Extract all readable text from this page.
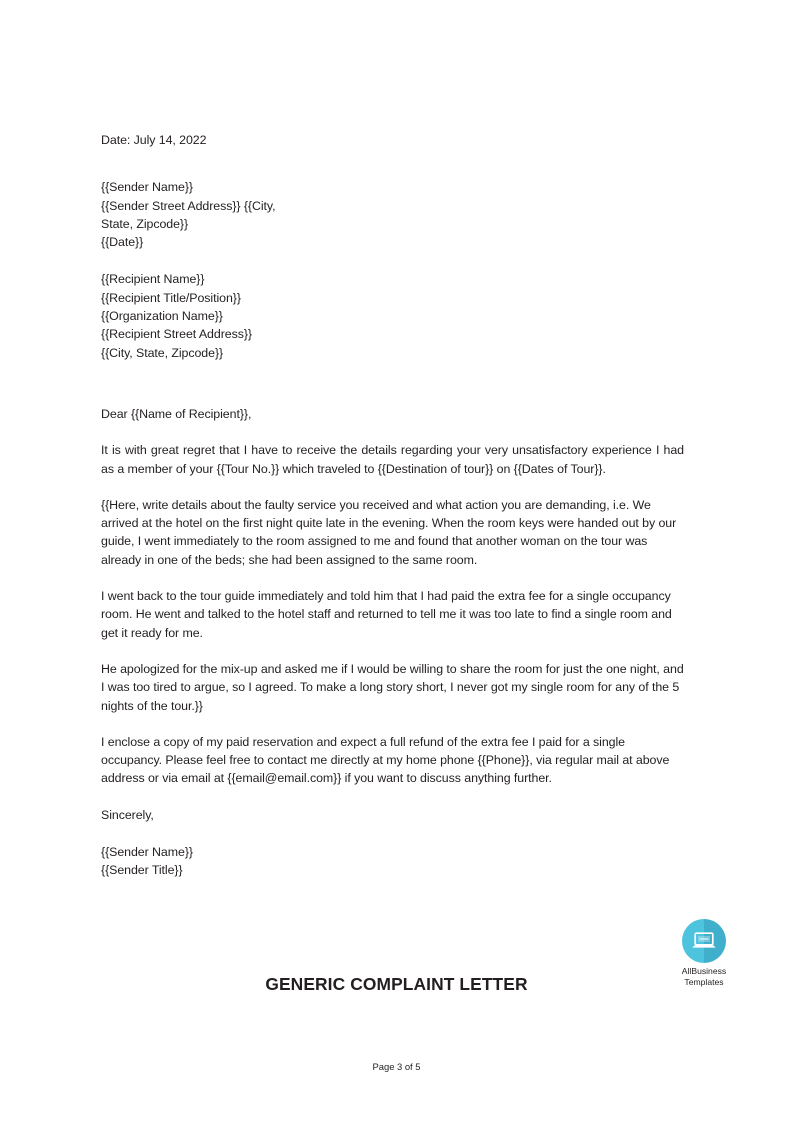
Date: July 14, 2022
{{Sender Name}}
{{Sender Street Address}} {{City,
State, Zipcode}}
{{Date}}
{{Recipient Name}}
{{Recipient Title/Position}}
{{Organization Name}}
{{Recipient Street Address}}
{{City, State, Zipcode}}
Dear {{Name of Recipient}},

It is with great regret that I have to receive the details regarding your very unsatisfactory experience I had as a member of your {{Tour No.}} which traveled to {{Destination of tour}} on {{Dates of Tour}}.

{{Here, write details about the faulty service you received and what action you are demanding, i.e. We arrived at the hotel on the first night quite late in the evening. When the room keys were handed out by our guide, I went immediately to the room assigned to me and found that another woman on the tour was already in one of the beds; she had been assigned to the same room.

I went back to the tour guide immediately and told him that I had paid the extra fee for a single occupancy room. He went and talked to the hotel staff and returned to tell me it was too late to find a single room and get it ready for me.

He apologized for the mix-up and asked me if I would be willing to share the room for just the one night, and I was too tired to argue, so I agreed. To make a long story short, I never got my single room for any of the 5 nights of the tour.}}

I enclose a copy of my paid reservation and expect a full refund of the extra fee I paid for a single occupancy. Please feel free to contact me directly at my home phone {{Phone}}, via regular mail at above address or via email at {{email@email.com}} if you want to discuss anything further.

Sincerely,
{{Sender Name}}
{{Sender Title}}
AllBusiness
Templates
GENERIC COMPLAINT LETTER
Page 3 of 5
